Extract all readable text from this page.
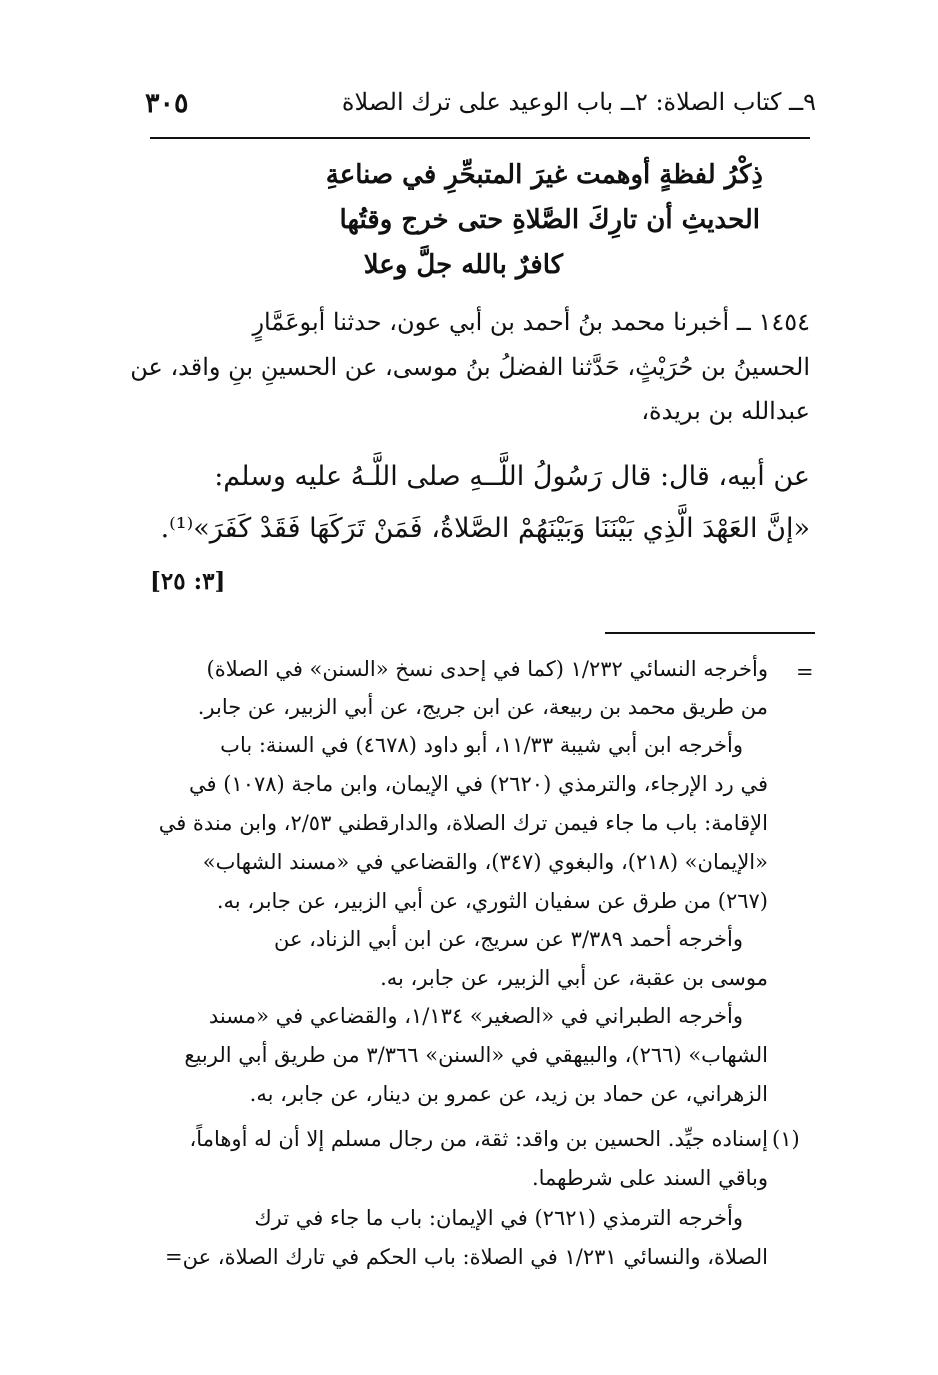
٣٠٥	٩ــ كتاب الصلاة: ٢ــ باب الوعيد على ترك الصلاة
ذِكْرُ لفظةٍ أوهمت غيرَ المتبحِّرِ في صناعةِ
الحديثِ أن تارِكَ الصَّلاةِ حتى خرج وقتُها
كافرٌ بالله جلَّ وعلا
١٤٥٤ ــ أخبرنا محمد بنُ أحمد بن أبي عون، حدثنا أبوعَمَّارٍ
الحسينُ بن حُرَيْثٍ، حَدَّثنا الفضلُ بنُ موسى، عن الحسينِ بنِ واقد، عن
عبدالله بن بريدة،
عن أبيه، قال: قال رَسُولُ اللَّــهِ صلى اللَّـهُ عليه وسلم:
«إنَّ العَهْدَ الَّذِي بَيْنَنَا وَبَيْنَهُمْ الصَّلاةُ، فَمَنْ تَرَكَهَا فَقَدْ كَفَرَ»⁽¹⁾.
[٣: ٢٥]
=
وأخرجه النسائي ١/٢٣٢ (كما في إحدى نسخ «السنن» في الصلاة)
من طريق محمد بن ربيعة، عن ابن جريج، عن أبي الزبير، عن جابر.
وأخرجه ابن أبي شيبة ١١/٣٣، أبو داود (٤٦٧٨) في السنة: باب
في رد الإرجاء، والترمذي (٢٦٢٠) في الإيمان، وابن ماجة (١٠٧٨) في
الإقامة: باب ما جاء فيمن ترك الصلاة، والدارقطني ٢/٥٣، وابن مندة في
«الإيمان» (٢١٨)، والبغوي (٣٤٧)، والقضاعي في «مسند الشهاب»
(٢٦٧) من طرق عن سفيان الثوري، عن أبي الزبير، عن جابر، به.
وأخرجه أحمد ٣/٣٨٩ عن سريج، عن ابن أبي الزناد، عن
موسى بن عقبة، عن أبي الزبير، عن جابر، به.
وأخرجه الطبراني في «الصغير» ١/١٣٤، والقضاعي في «مسند
الشهاب» (٢٦٦)، والبيهقي في «السنن» ٣/٣٦٦ من طريق أبي الربيع
الزهراني، عن حماد بن زيد، عن عمرو بن دينار، عن جابر، به.
(١)
إسناده جيِّد. الحسين بن واقد: ثقة، من رجال مسلم إلا أن له أوهاماً،
وباقي السند على شرطهما.
وأخرجه الترمذي (٢٦٢١) في الإيمان: باب ما جاء في ترك
الصلاة، والنسائي ١/٢٣١ في الصلاة: باب الحكم في تارك الصلاة، عن=
